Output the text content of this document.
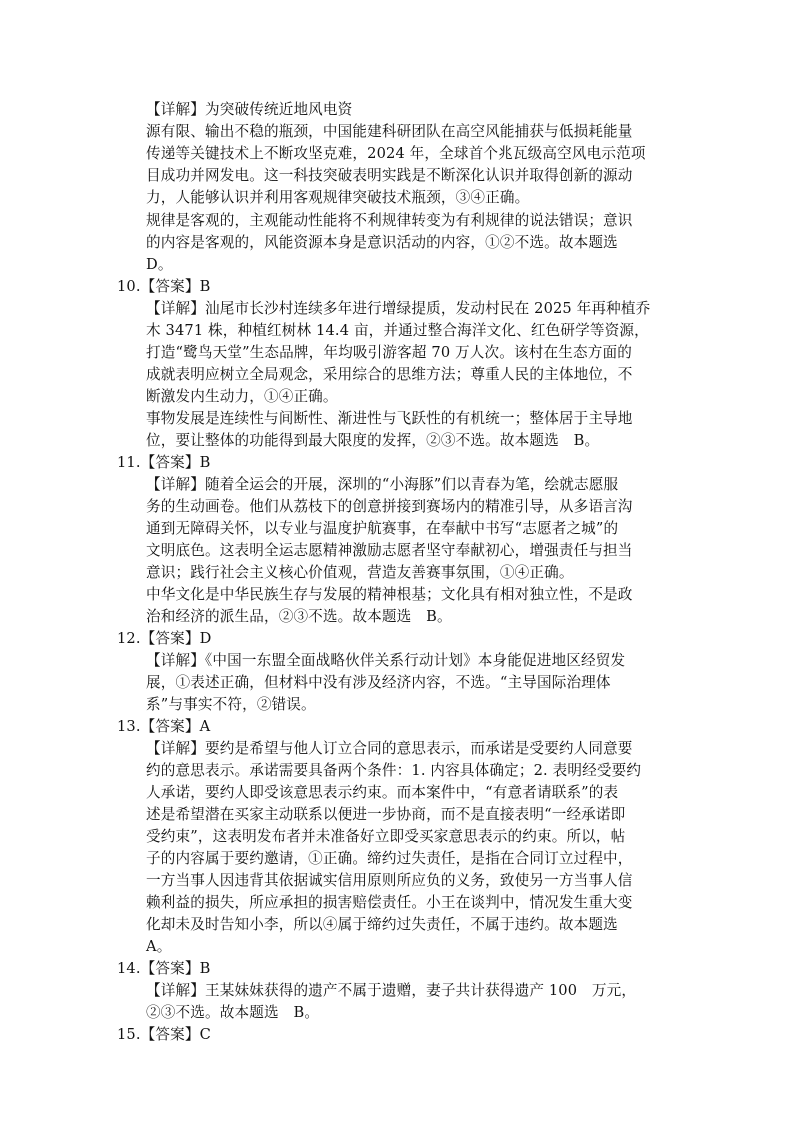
【详解】为突破传统近地风电资
源有限、输出不稳的瓶颈，中国能建科研团队在高空风能捕获与低损耗能量
传递等关键技术上不断攻坚克难，2024 年，全球首个兆瓦级高空风电示范项
目成功并网发电。这一科技突破表明实践是不断深化认识并取得创新的源动
力，人能够认识并利用客观规律突破技术瓶颈，③④正确。
规律是客观的，主观能动性能将不利规律转变为有利规律的说法错误；意识
的内容是客观的，风能资源本身是意识活动的内容，①②不选。故本题选
D。
10.【答案】B
【详解】汕尾市长沙村连续多年进行增绿提质，发动村民在 2025 年再种植乔
木 3471 株，种植红树林 14.4 亩，并通过整合海洋文化、红色研学等资源，
打造“鹭鸟天堂”生态品牌，年均吸引游客超 70 万人次。该村在生态方面的
成就表明应树立全局观念，采用综合的思维方法；尊重人民的主体地位，不
断激发内生动力，①④正确。
事物发展是连续性与间断性、渐进性与飞跃性的有机统一；整体居于主导地
位，要让整体的功能得到最大限度的发挥，②③不选。故本题选　B。
11.【答案】B
【详解】随着全运会的开展，深圳的“小海豚”们以青春为笔，绘就志愿服
务的生动画卷。他们从荔枝下的创意拼接到赛场内的精准引导，从多语言沟
通到无障碍关怀，以专业与温度护航赛事，在奉献中书写“志愿者之城”的
文明底色。这表明全运志愿精神激励志愿者坚守奉献初心，增强责任与担当
意识；践行社会主义核心价值观，营造友善赛事氛围，①④正确。
中华文化是中华民族生存与发展的精神根基；文化具有相对独立性，不是政
治和经济的派生品，②③不选。故本题选　B。
12.【答案】D
【详解】《中国一东盟全面战略伙伴关系行动计划》本身能促进地区经贸发
展，①表述正确，但材料中没有涉及经济内容，不选。“主导国际治理体
系”与事实不符，②错误。
13.【答案】A
【详解】要约是希望与他人订立合同的意思表示，而承诺是受要约人同意要
约的意思表示。承诺需要具备两个条件：1. 内容具体确定；2. 表明经受要约
人承诺，要约人即受该意思表示约束。而本案件中，“有意者请联系”的表
述是希望潜在买家主动联系以便进一步协商，而不是直接表明“一经承诺即
受约束”，这表明发布者并未准备好立即受买家意思表示的约束。所以，帖
子的内容属于要约邀请，①正确。缔约过失责任，是指在合同订立过程中，
一方当事人因违背其依据诚实信用原则所应负的义务，致使另一方当事人信
赖利益的损失，所应承担的损害赔偿责任。小王在谈判中，情况发生重大变
化却未及时告知小李，所以④属于缔约过失责任，不属于违约。故本题选
A。
14.【答案】B
【详解】王某妹妹获得的遗产不属于遗赠，妻子共计获得遗产 100　万元，
②③不选。故本题选　B。
15.【答案】C
